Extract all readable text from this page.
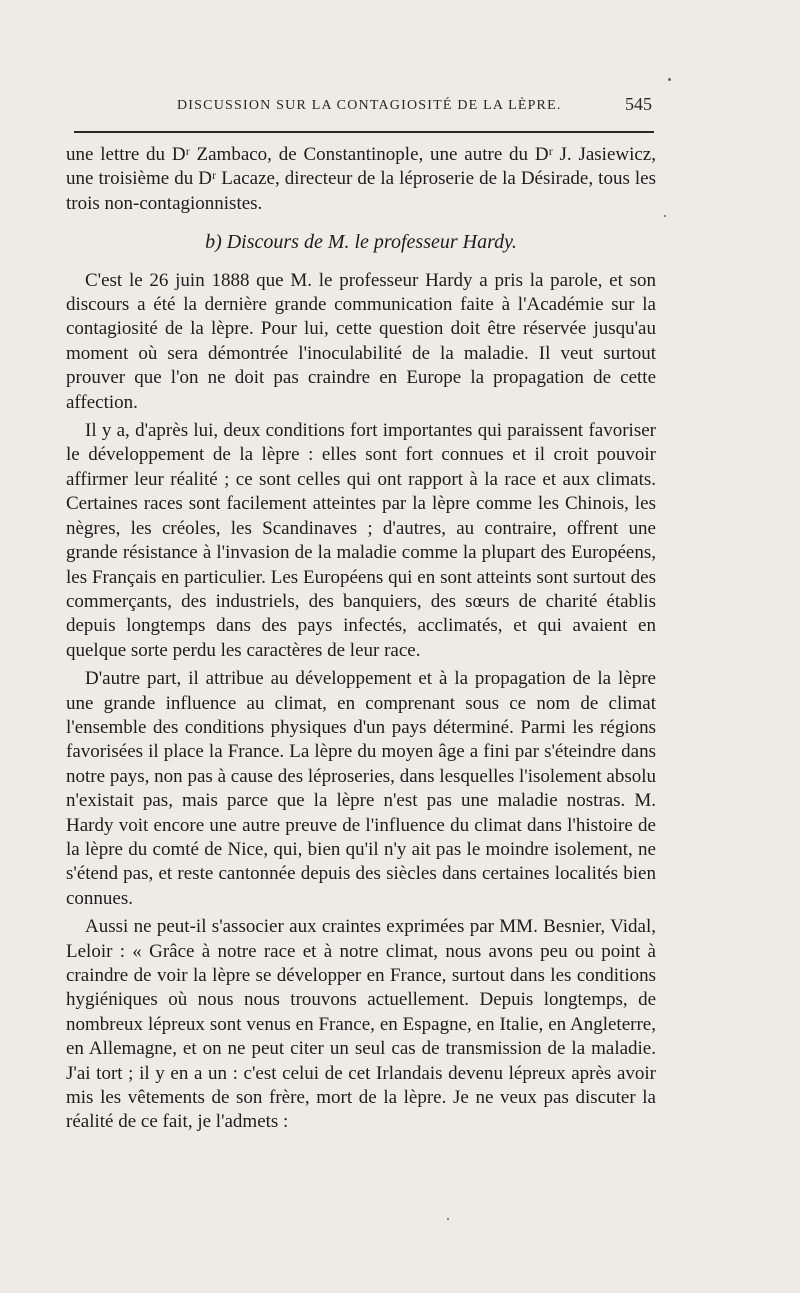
DISCUSSION SUR LA CONTAGIOSITÉ DE LA LÈPRE.	545

une lettre du Dʳ Zambaco, de Constantinople, une autre du Dʳ J. Jasiewicz, une troisième du Dʳ Lacaze, directeur de la léproserie de la Désirade, tous les trois non-contagionnistes.

b) Discours de M. le professeur Hardy.

C'est le 26 juin 1888 que M. le professeur Hardy a pris la parole, et son discours a été la dernière grande communication faite à l'Académie sur la contagiosité de la lèpre. Pour lui, cette question doit être réservée jusqu'au moment où sera démontrée l'inoculabilité de la maladie. Il veut surtout prouver que l'on ne doit pas craindre en Europe la propagation de cette affection.

Il y a, d'après lui, deux conditions fort importantes qui paraissent favoriser le développement de la lèpre : elles sont fort connues et il croit pouvoir affirmer leur réalité ; ce sont celles qui ont rapport à la race et aux climats. Certaines races sont facilement atteintes par la lèpre comme les Chinois, les nègres, les créoles, les Scandinaves ; d'autres, au contraire, offrent une grande résistance à l'invasion de la maladie comme la plupart des Européens, les Français en particulier. Les Européens qui en sont atteints sont surtout des commerçants, des industriels, des banquiers, des sœurs de charité établis depuis longtemps dans des pays infectés, acclimatés, et qui avaient en quelque sorte perdu les caractères de leur race.

D'autre part, il attribue au développement et à la propagation de la lèpre une grande influence au climat, en comprenant sous ce nom de climat l'ensemble des conditions physiques d'un pays déterminé. Parmi les régions favorisées il place la France. La lèpre du moyen âge a fini par s'éteindre dans notre pays, non pas à cause des léproseries, dans lesquelles l'isolement absolu n'existait pas, mais parce que la lèpre n'est pas une maladie nostras. M. Hardy voit encore une autre preuve de l'influence du climat dans l'histoire de la lèpre du comté de Nice, qui, bien qu'il n'y ait pas le moindre isolement, ne s'étend pas, et reste cantonnée depuis des siècles dans certaines localités bien connues.

Aussi ne peut-il s'associer aux craintes exprimées par MM. Besnier, Vidal, Leloir : « Grâce à notre race et à notre climat, nous avons peu ou point à craindre de voir la lèpre se développer en France, surtout dans les conditions hygiéniques où nous nous trouvons actuellement. Depuis longtemps, de nombreux lépreux sont venus en France, en Espagne, en Italie, en Angleterre, en Allemagne, et on ne peut citer un seul cas de transmission de la maladie. J'ai tort ; il y en a un : c'est celui de cet Irlandais devenu lépreux après avoir mis les vêtements de son frère, mort de la lèpre. Je ne veux pas discuter la réalité de ce fait, je l'admets :
